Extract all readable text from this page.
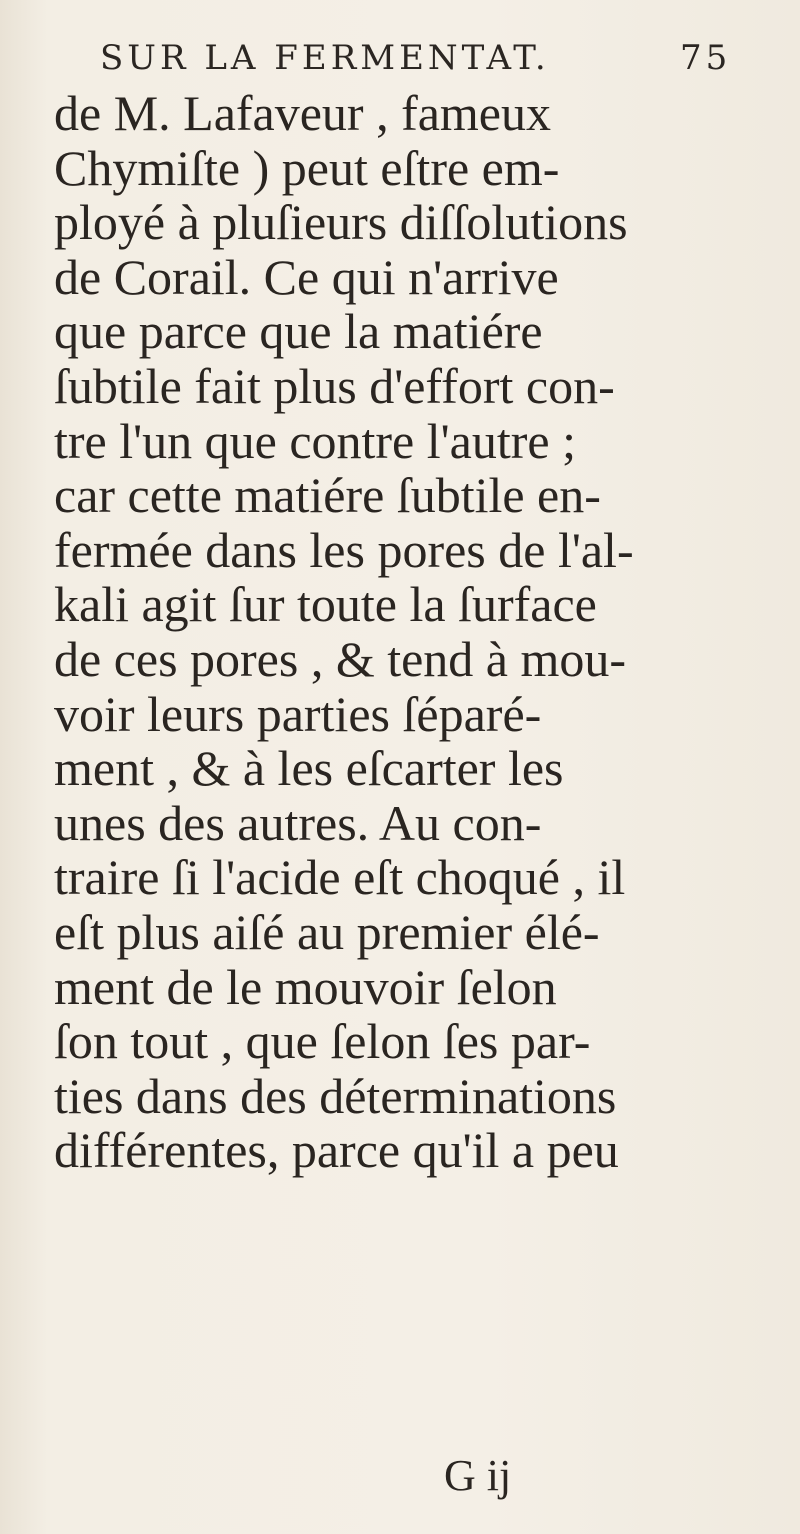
SUR LA FERMENTAT.	75
de M. Lafaveur , fameux
Chymiſte ) peut eſtre em-
ployé à pluſieurs diſſolutions
de Corail. Ce qui n'arrive
que parce que la matiére
ſubtile fait plus d'effort con-
tre l'un que contre l'autre ;
car cette matiére ſubtile en-
fermée dans les pores de l'al-
kali agit ſur toute la ſurface
de ces pores , & tend à mou-
voir leurs parties ſéparé-
ment , & à les eſcarter les
unes des autres. Au con-
traire ſi l'acide eſt choqué , il
eſt plus aiſé au premier élé-
ment de le mouvoir ſelon
ſon tout , que ſelon ſes par-
ties dans des déterminations
différentes, parce qu'il a peu
G ij
